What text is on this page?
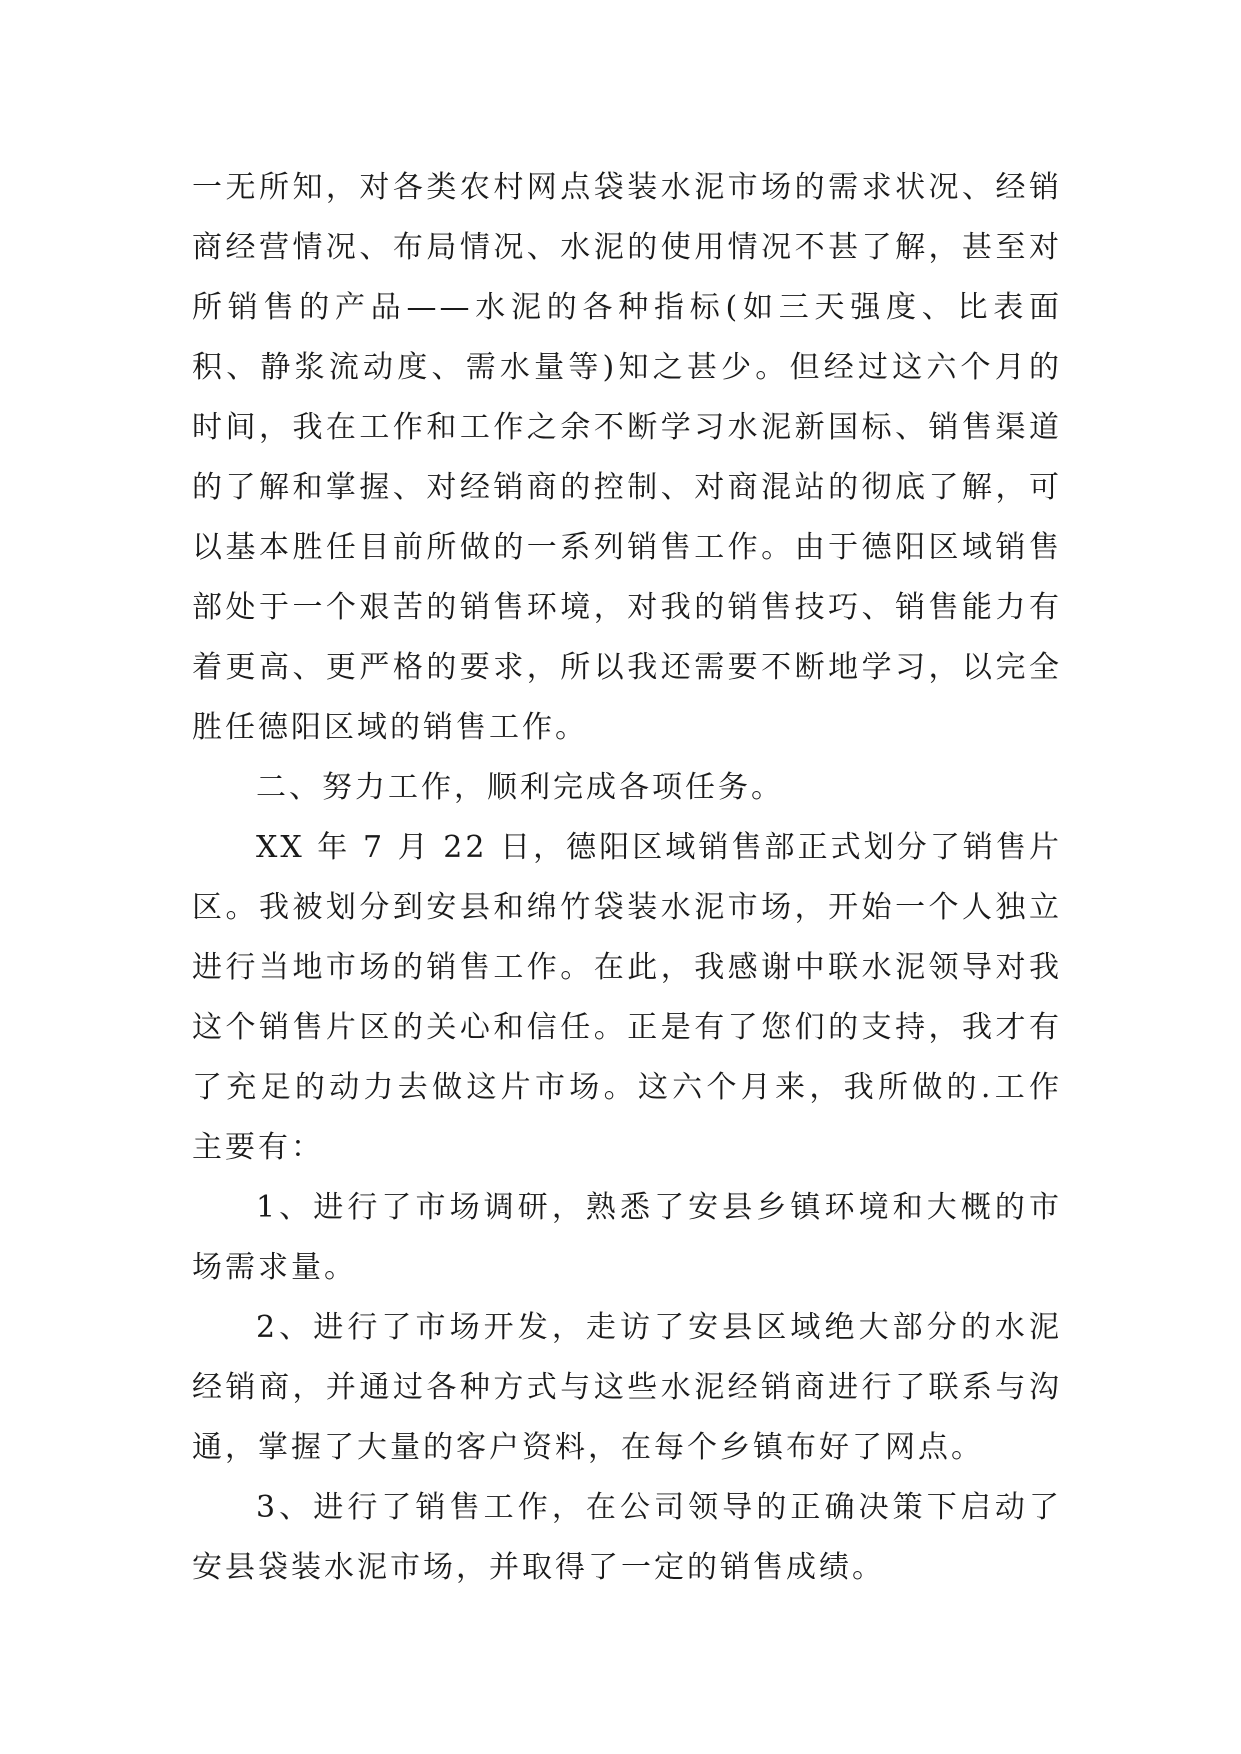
一无所知，对各类农村网点袋装水泥市场的需求状况、经销商经营情况、布局情况、水泥的使用情况不甚了解，甚至对所销售的产品——水泥的各种指标(如三天强度、比表面积、静浆流动度、需水量等)知之甚少。但经过这六个月的时间，我在工作和工作之余不断学习水泥新国标、销售渠道的了解和掌握、对经销商的控制、对商混站的彻底了解，可以基本胜任目前所做的一系列销售工作。由于德阳区域销售部处于一个艰苦的销售环境，对我的销售技巧、销售能力有着更高、更严格的要求，所以我还需要不断地学习，以完全胜任德阳区域的销售工作。

二、努力工作，顺利完成各项任务。

XX 年 7 月 22 日，德阳区域销售部正式划分了销售片区。我被划分到安县和绵竹袋装水泥市场，开始一个人独立进行当地市场的销售工作。在此，我感谢中联水泥领导对我这个销售片区的关心和信任。正是有了您们的支持，我才有了充足的动力去做这片市场。这六个月来，我所做的.工作主要有：

1、进行了市场调研，熟悉了安县乡镇环境和大概的市场需求量。

2、进行了市场开发，走访了安县区域绝大部分的水泥经销商，并通过各种方式与这些水泥经销商进行了联系与沟通，掌握了大量的客户资料，在每个乡镇布好了网点。

3、进行了销售工作，在公司领导的正确决策下启动了安县袋装水泥市场，并取得了一定的销售成绩。
